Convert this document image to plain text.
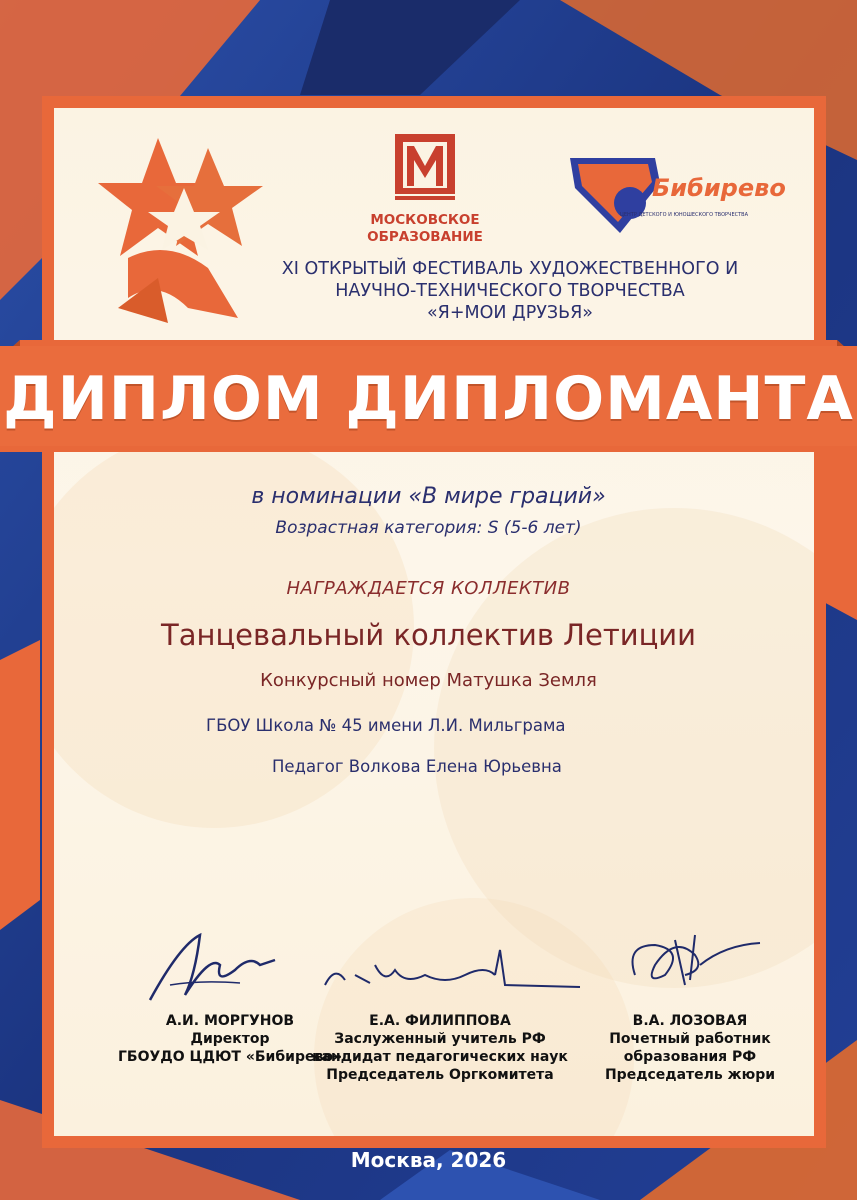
МОСКОВСКОЕ
ОБРАЗОВАНИЕ
Бибирево
ЦЕНТР ДЕТСКОГО И ЮНОШЕСКОГО ТВОРЧЕСТВА
XI ОТКРЫТЫЙ ФЕСТИВАЛЬ ХУДОЖЕСТВЕННОГО И
НАУЧНО-ТЕХНИЧЕСКОГО ТВОРЧЕСТВА
«Я+МОИ ДРУЗЬЯ»
ДИПЛОМ ДИПЛОМАНТА
в номинации «В мире граций»
Возрастная категория: S (5-6 лет)
НАГРАЖДАЕТСЯ КОЛЛЕКТИВ
Танцевальный коллектив Летиции
Конкурсный номер Матушка Земля
ГБОУ Школа № 45 имени Л.И. Мильграма
Педагог Волкова Елена Юрьевна
А.И. МОРГУНОВ
Директор
ГБОУДО ЦДЮТ «Бибирево»
Е.А. ФИЛИППОВА
Заслуженный учитель РФ
кандидат педагогических наук
Председатель Оргкомитета
В.А. ЛОЗОВАЯ
Почетный работник
образования РФ
Председатель жюри
Москва, 2026
